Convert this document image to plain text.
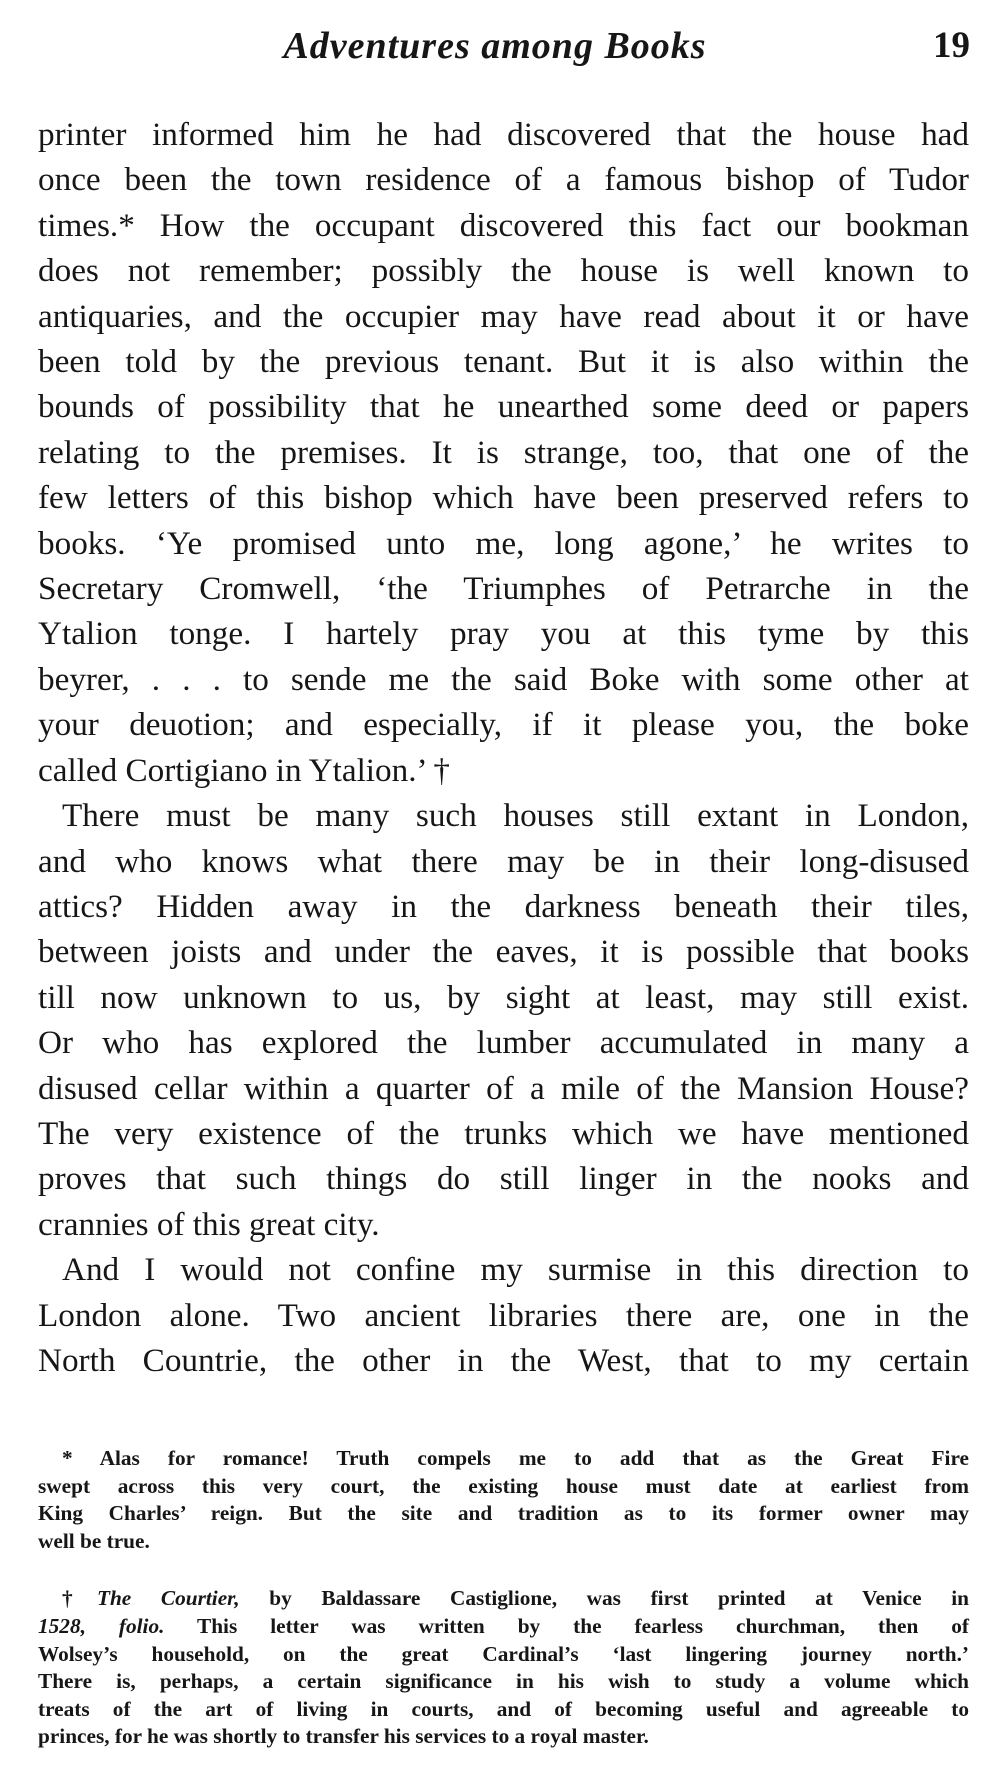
Adventures among Books	19
printer informed him he had discovered that the house had
once been the town residence of a famous bishop of Tudor
times.* How the occupant discovered this fact our bookman
does not remember; possibly the house is well known to
antiquaries, and the occupier may have read about it or have
been told by the previous tenant. But it is also within the
bounds of possibility that he unearthed some deed or papers
relating to the premises. It is strange, too, that one of the
few letters of this bishop which have been preserved refers to
books. ‘Ye promised unto me, long agone,’ he writes to
Secretary Cromwell, ‘the Triumphes of Petrarche in the
Ytalion tonge. I hartely pray you at this tyme by this
beyrer, . . . to sende me the said Boke with some other at
your deuotion; and especially, if it please you, the boke
called Cortigiano in Ytalion.’ †
There must be many such houses still extant in London,
and who knows what there may be in their long-disused
attics? Hidden away in the darkness beneath their tiles,
between joists and under the eaves, it is possible that books
till now unknown to us, by sight at least, may still exist.
Or who has explored the lumber accumulated in many a
disused cellar within a quarter of a mile of the Mansion House?
The very existence of the trunks which we have mentioned
proves that such things do still linger in the nooks and
crannies of this great city.
And I would not confine my surmise in this direction to
London alone. Two ancient libraries there are, one in the
North Countrie, the other in the West, that to my certain
* Alas for romance! Truth compels me to add that as the Great Fire
swept across this very court, the existing house must date at earliest from
King Charles’ reign. But the site and tradition as to its former owner may
well be true.
†The Courtier, by Baldassare Castiglione, was first printed at Venice in
1528, folio. This letter was written by the fearless churchman, then of
Wolsey’s household, on the great Cardinal’s ‘last lingering journey north.’
There is, perhaps, a certain significance in his wish to study a volume which
treats of the art of living in courts, and of becoming useful and agreeable to
princes, for he was shortly to transfer his services to a royal master.
